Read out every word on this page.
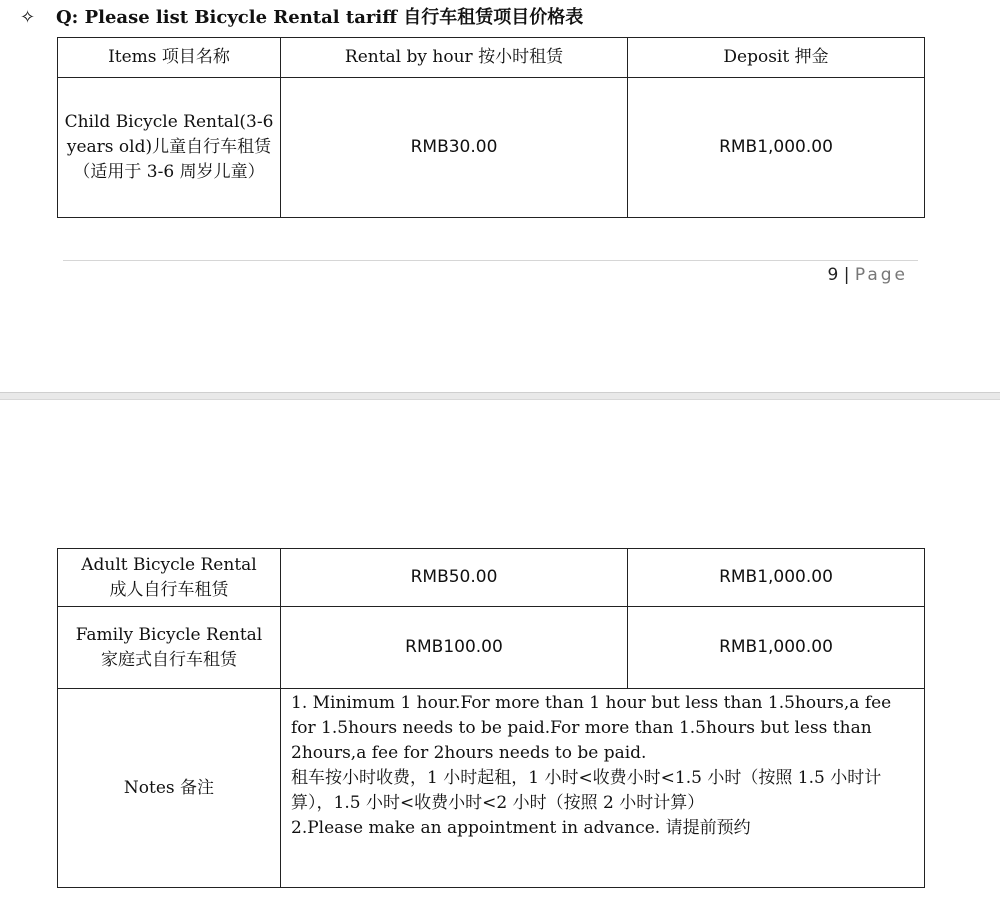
✧ Q: Please list Bicycle Rental tariff 自行车租赁项目价格表
Items 项目名称	Rental by hour 按小时租赁	Deposit 押金
Child Bicycle Rental(3-6 years old)儿童自行车租赁（适用于 3-6 周岁儿童）	RMB30.00	RMB1,000.00
9 | Page
Adult Bicycle Rental
成人自行车租赁	RMB50.00	RMB1,000.00

Family Bicycle Rental
家庭式自行车租赁	RMB100.00	RMB1,000.00
Notes 备注	1. Minimum 1 hour.For more than 1 hour but less than 1.5hours,a fee for 1.5hours needs to be paid.For more than 1.5hours but less than 2hours,a fee for 2hours needs to be paid.
租车按小时收费，1 小时起租，1 小时<收费小时<1.5 小时（按照 1.5 小时计算），1.5 小时<收费小时<2 小时（按照 2 小时计算）
2.Please make an appointment in advance. 请提前预约	
